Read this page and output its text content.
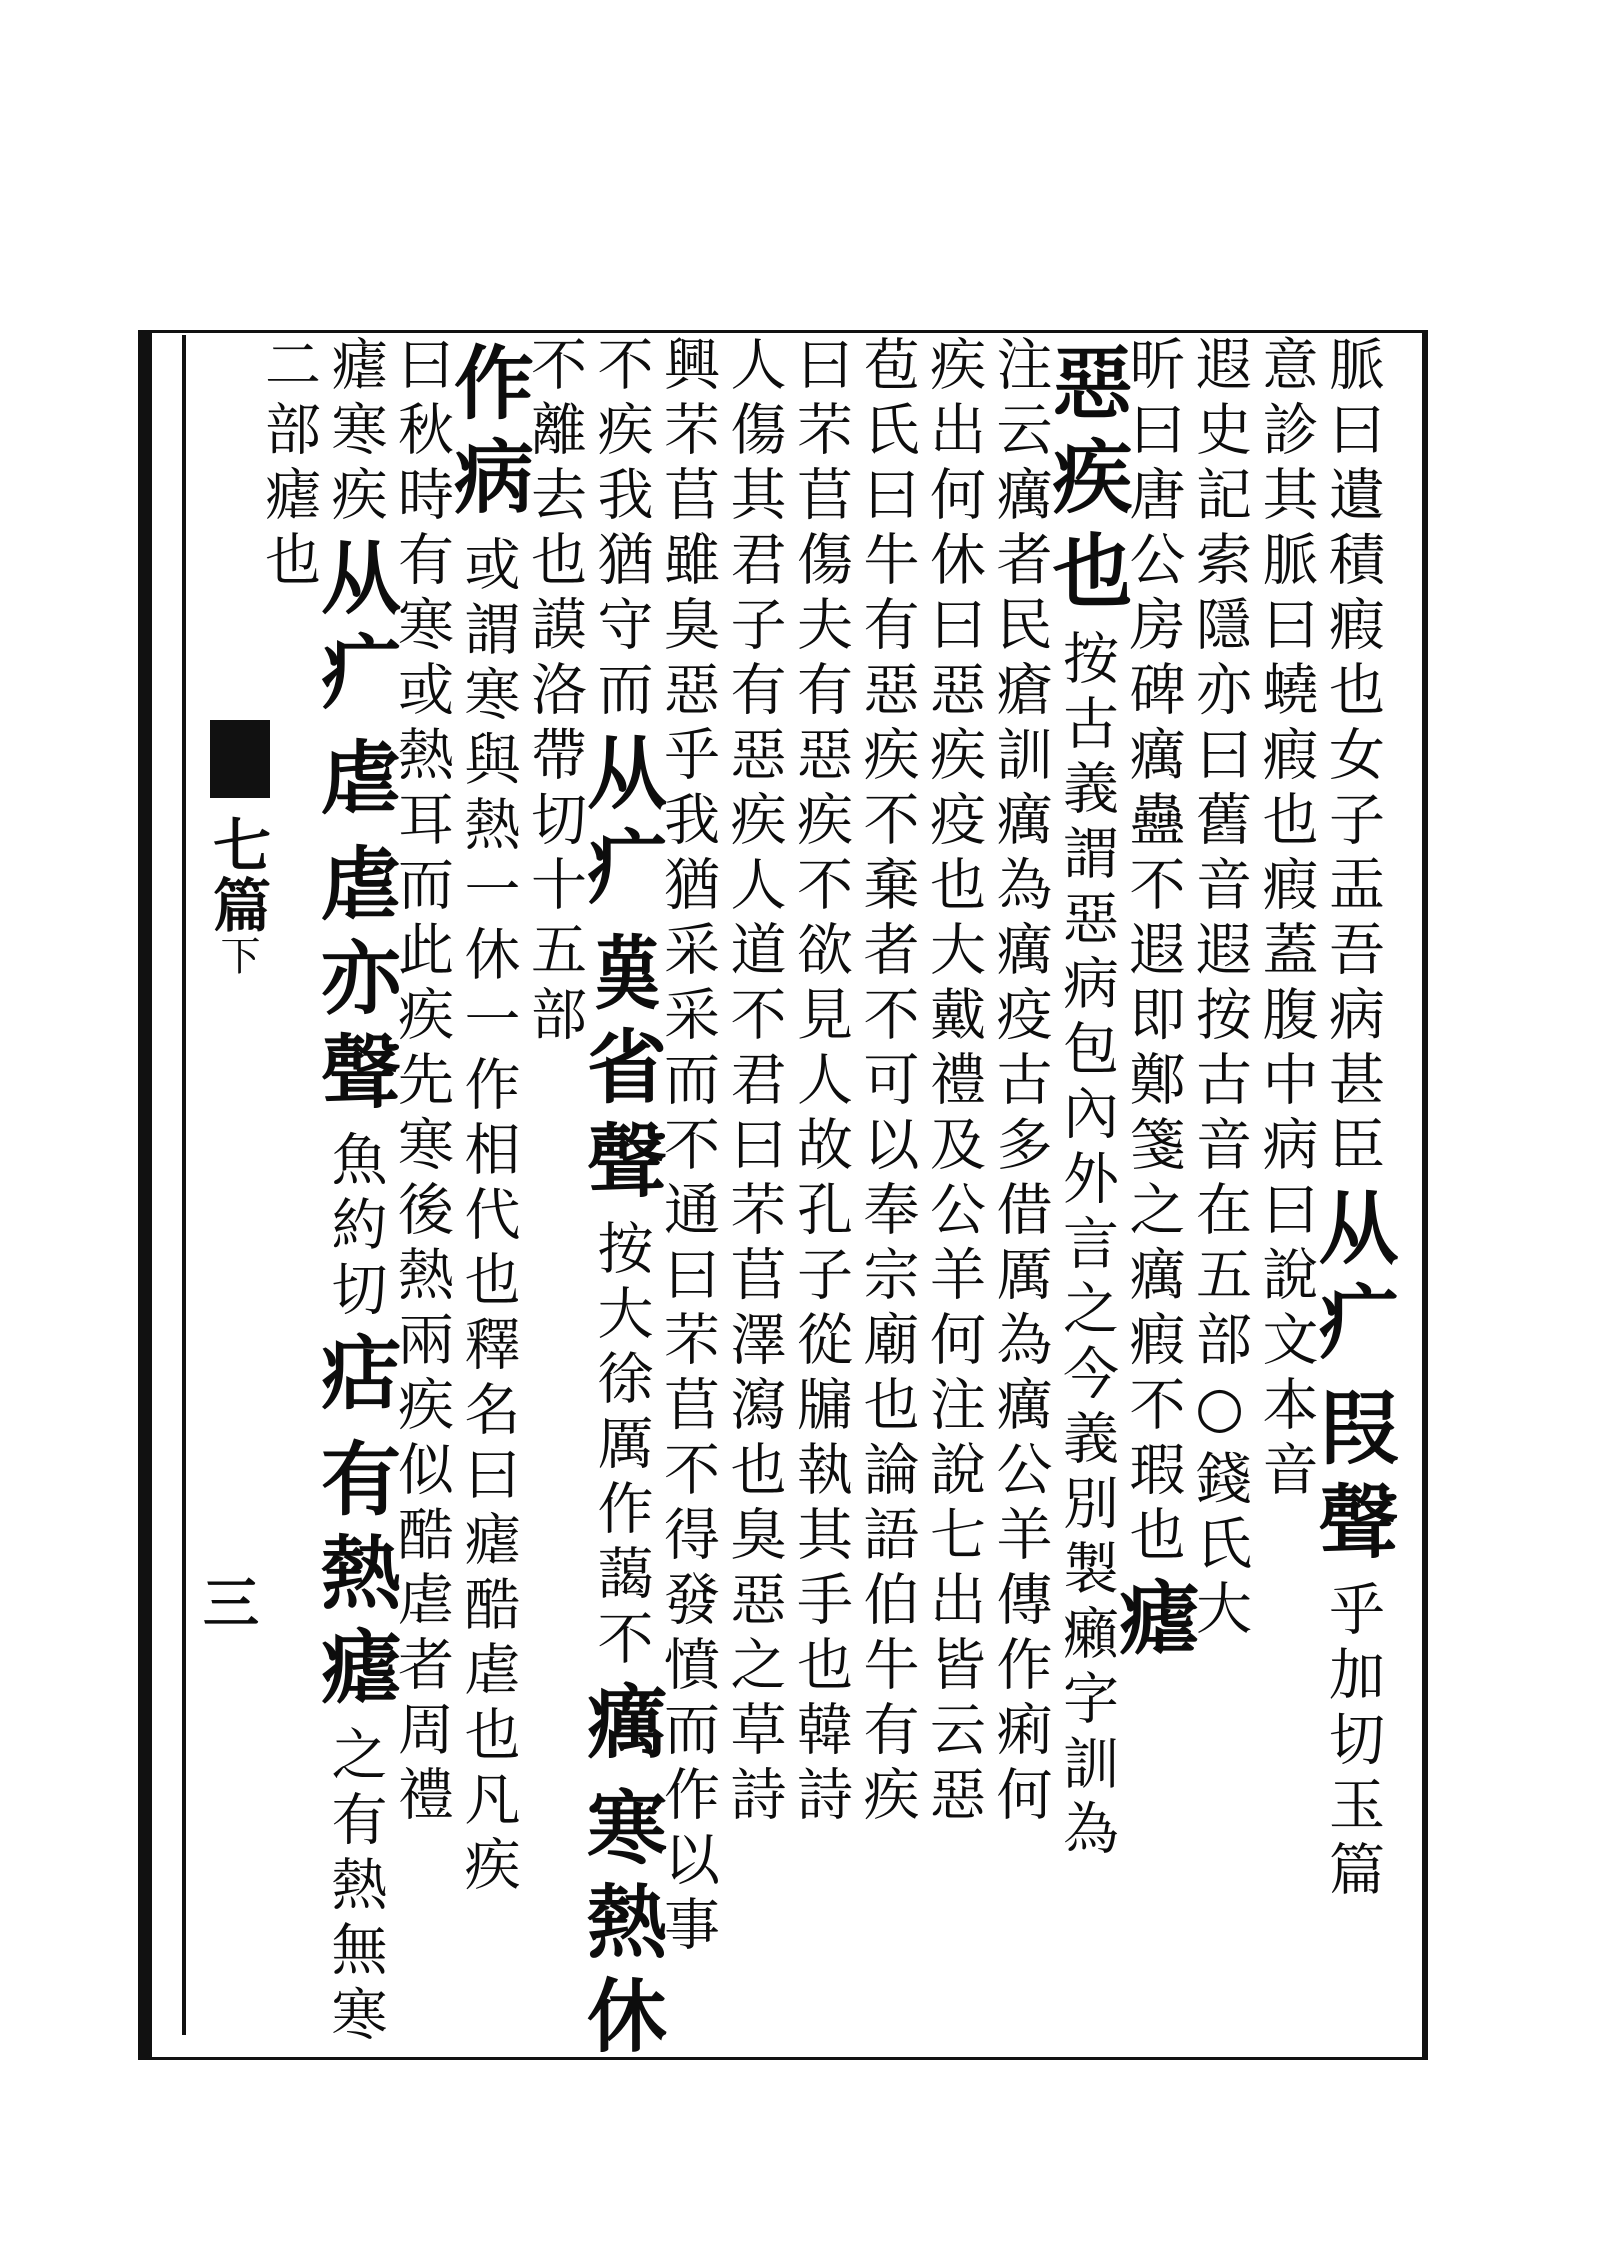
七篇下
三
脈曰遺積瘕也女子㿻
吾
病甚臣
从疒
叚聲
乎加切玉篇
意診其脈曰蟯瘕也瘕蓋腹中病曰說文本音
遐史記索隱亦曰舊音遐按古音在五部○錢氏大
昕曰唐公房碑癘蠱不遐即鄭箋之癘瘕不瑕也
瘧
惡疾也
按古義謂惡病包內外言之今義別製癩字訓為
注云癘者民瘡訓癘為癘疫古多借厲為癘公羊傳作痢何
疾出何休曰惡疾疫也大戴禮及公羊何注說七出皆云惡
苞氏曰牛有惡疾不棄者不可以奉宗廟也論語伯牛有疾
曰芣苢傷夫有惡疾不欲見人故孔子從牖執其手也韓詩
人傷其君子有惡疾人道不君曰芣苢澤瀉也臭惡之草詩
興芣苢雖臭惡乎我猶采采而不通曰芣苢不得發憤而作以事
不疾我猶守
而
从疒
𦰩省聲
按大徐厲作藹不
癘
寒熱休
不離去也
謨洛帶切十五部
作病
或謂寒與熱一休一作相代也釋名曰瘧酷虐也凡疾
曰秋時有
寒或熱耳而此疾先寒後熱兩疾似酷虐者周禮
瘧寒疾
从疒
虐
虐亦聲
魚約切
痁
有熱瘧
之有熱無寒
二部
瘧也
